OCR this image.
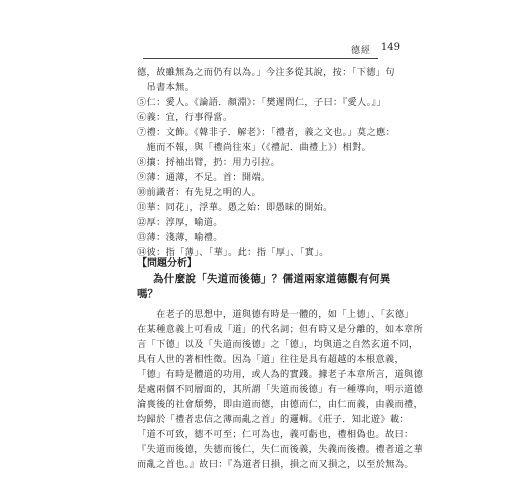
德經 149
德，故雖無為之而仍有以為。」今注多從其說，按：「下德」句
　吊書本無。
⑤仁：愛人。《論語．顏淵》：「樊遲問仁，子曰：『愛人。』」
⑥義：宜，行事得當。
⑦禮：文飾。《韓非子．解老》：「禮者，義之文也。」莫之應：
　施而不報，與「禮尚往來」（《禮記．曲禮上》）相對。
⑧攘：捋袖出臂，扔：用力引拉。
⑨薄：通薄，不足。首：開端。
⑩前識者：有先見之明的人。
⑪華：同花」，浮華。愚之始：即愚昧的開始。
⑫厚：淳厚，喻道。
⑬薄：淺薄，喻禮。
⑭彼：指「薄」、「華」。此：指「厚」、「實」。
【問題分析】
為什麼說「失道而後德」？儒道兩家道德觀有何異
嗎？
　　在老子的思想中，道與德有時是一體的，如「上德」、「玄德」
在某種意義上可看成「道」的代名詞；但有時又是分離的，如本章所
言「下德」以及「失道而後德」之「德」，均與道之自然玄道不同，
具有人世的著相性徵。因為「道」往往是具有超越的本根意義，
「德」有時是體道的功用，或人為的實踐。據老子本章所言，道與德
是處兩個不同層面的，其所謂「失道而後德」有一種導向，明示道德
淪喪後的社會頹勢，即由道而德，由德而仁，由仁而義，由義而禮，
均歸於「禮者忠信之薄而亂之首」的邏輯。《莊子．知北遊》載：
「道不可致，德不可至；仁可為也，義可虧也，禮相偽也。故曰：
『失道而後德，失德而後仁，失仁而後義，失義而後禮。禮者道之華
而亂之首也。』故曰：『為道者日損，損之而又損之，以至於無為。
